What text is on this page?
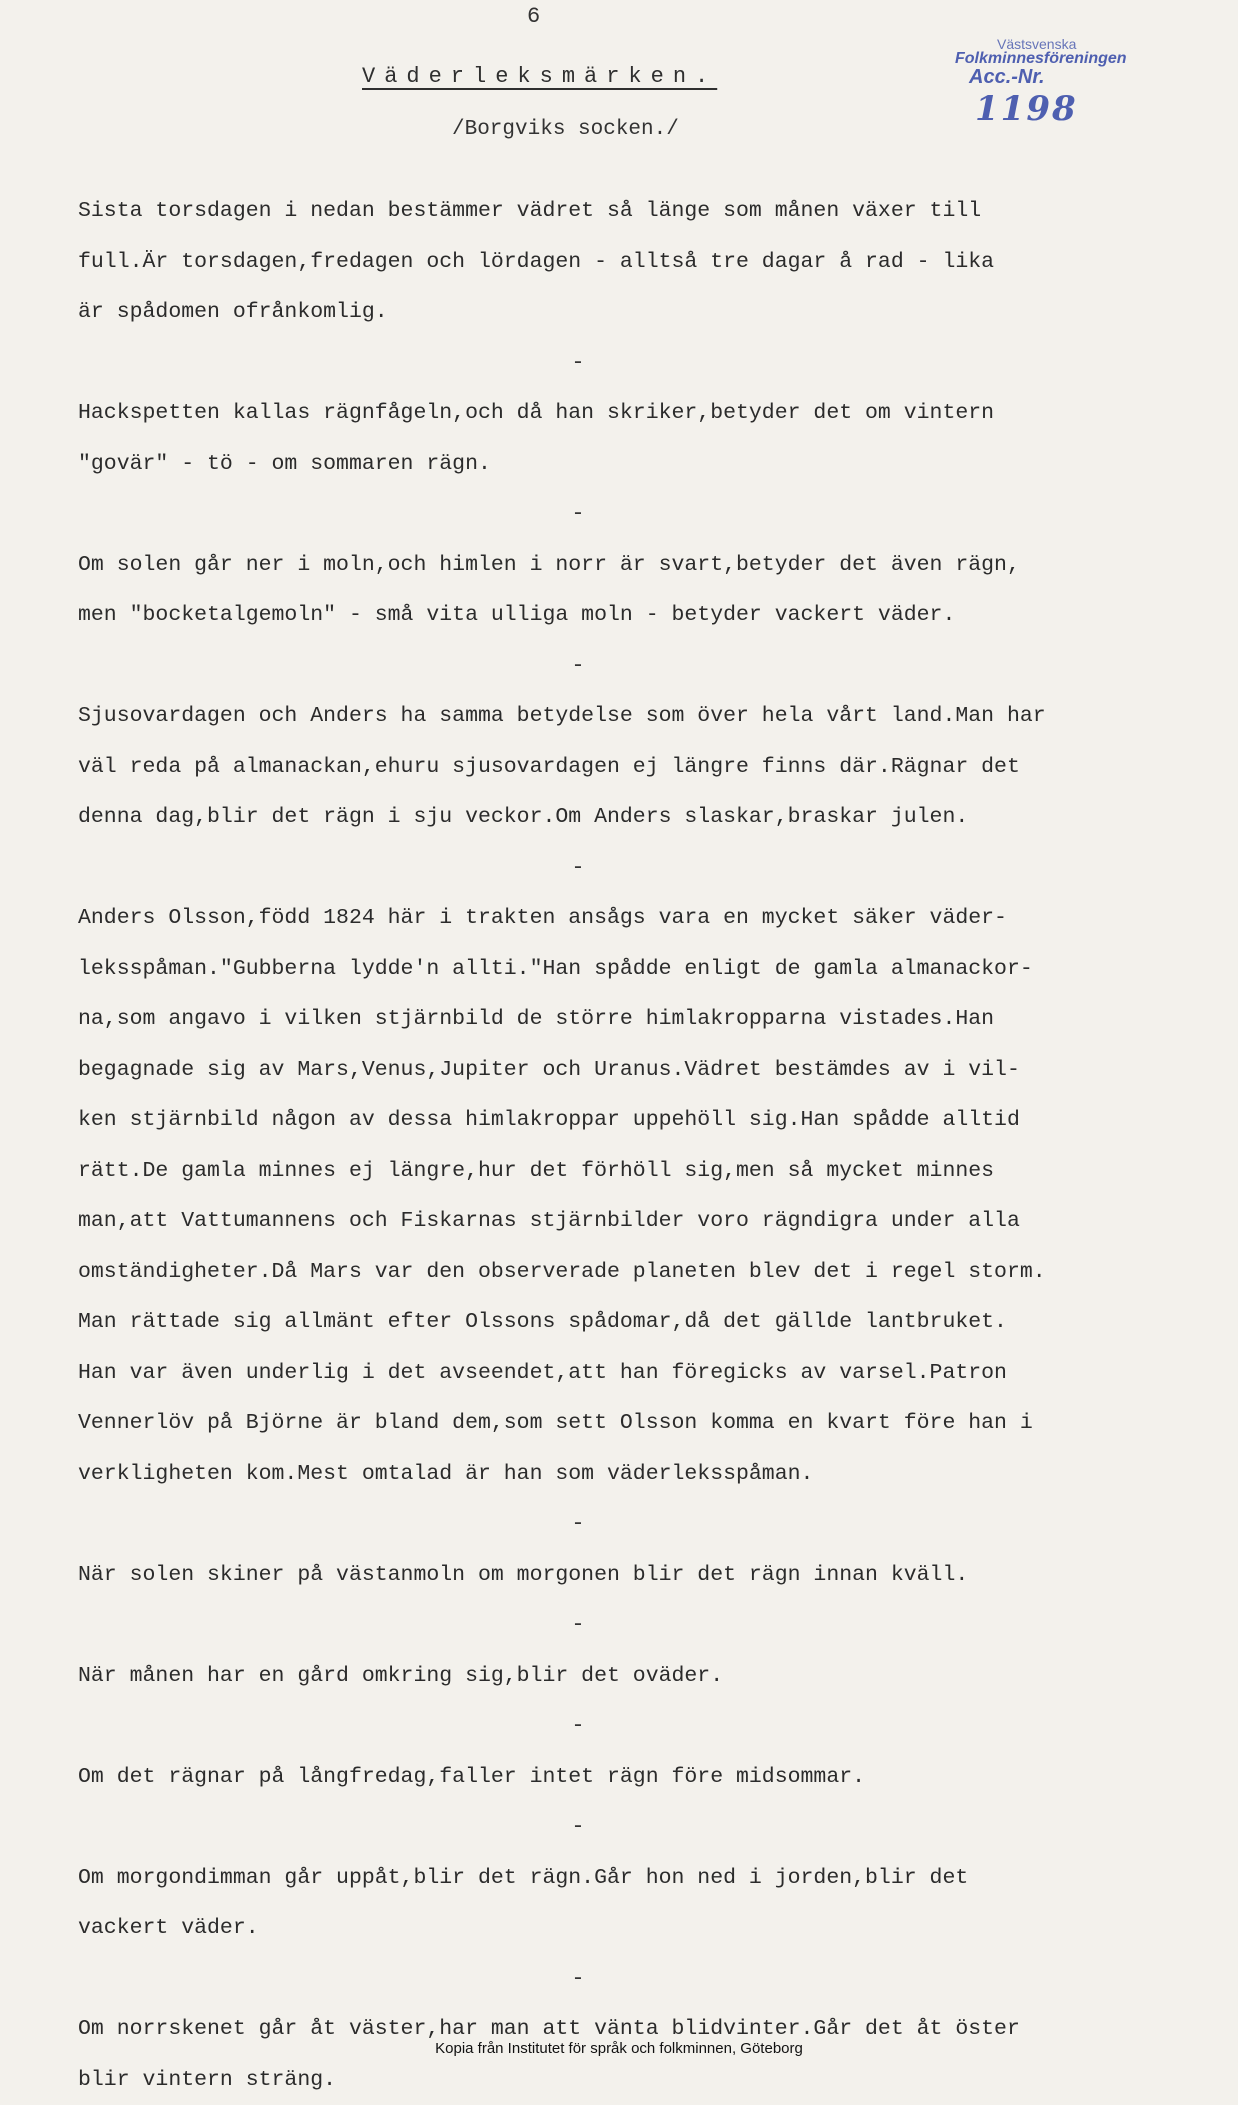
6
Väderleksmärken.
/Borgviks socken./
Västsvenska
Folkminnesföreningen
Acc.-Nr. 1198
Sista torsdagen i nedan bestämmer vädret så länge som månen växer till
full.Är torsdagen,fredagen och lördagen - alltså tre dagar å rad - lika
är spådomen ofrånkomlig.
-
Hackspetten kallas rägnfågeln,och då han skriker,betyder det om vintern
"govär" - tö - om sommaren rägn.
-
Om solen går ner i moln,och himlen i norr är svart,betyder det även rägn,
men "bocketalgemoln" - små vita ulliga moln - betyder vackert väder.
-
Sjusovardagen och Anders ha samma betydelse som över hela vårt land.Man har
väl reda på almanackan,ehuru sjusovardagen ej längre finns där.Rägnar det
denna dag,blir det rägn i sju veckor.Om Anders slaskar,braskar julen.
-
Anders Olsson,född 1824 här i trakten ansågs vara en mycket säker väder-
leksspåman."Gubberna lydde'n allti."Han spådde enligt de gamla almanackor-
na,som angavo i vilken stjärnbild de större himlakropparna vistades.Han
begagnade sig av Mars,Venus,Jupiter och Uranus.Vädret bestämdes av i vil-
ken stjärnbild någon av dessa himlakroppar uppehöll sig.Han spådde alltid
rätt.De gamla minnes ej längre,hur det förhöll sig,men så mycket minnes
man,att Vattumannens och Fiskarnas stjärnbilder voro rägndigra under alla
omständigheter.Då Mars var den observerade planeten blev det i regel storm.
Man rättade sig allmänt efter Olssons spådomar,då det gällde lantbruket.
Han var även underlig i det avseendet,att han föregicks av varsel.Patron
Vennerlöv på Björne är bland dem,som sett Olsson komma en kvart före han i
verkligheten kom.Mest omtalad är han som väderleksspåman.
-
När solen skiner på västanmoln om morgonen blir det rägn innan kväll.
-
När månen har en gård omkring sig,blir det oväder.
-
Om det rägnar på långfredag,faller intet rägn före midsommar.
-
Om morgondimman går uppåt,blir det rägn.Går hon ned i jorden,blir det
vackert väder.
-
Om norrskenet går åt väster,har man att vänta blidvinter.Går det åt öster
blir vintern sträng.
Kopia från Institutet för språk och folkminnen, Göteborg
